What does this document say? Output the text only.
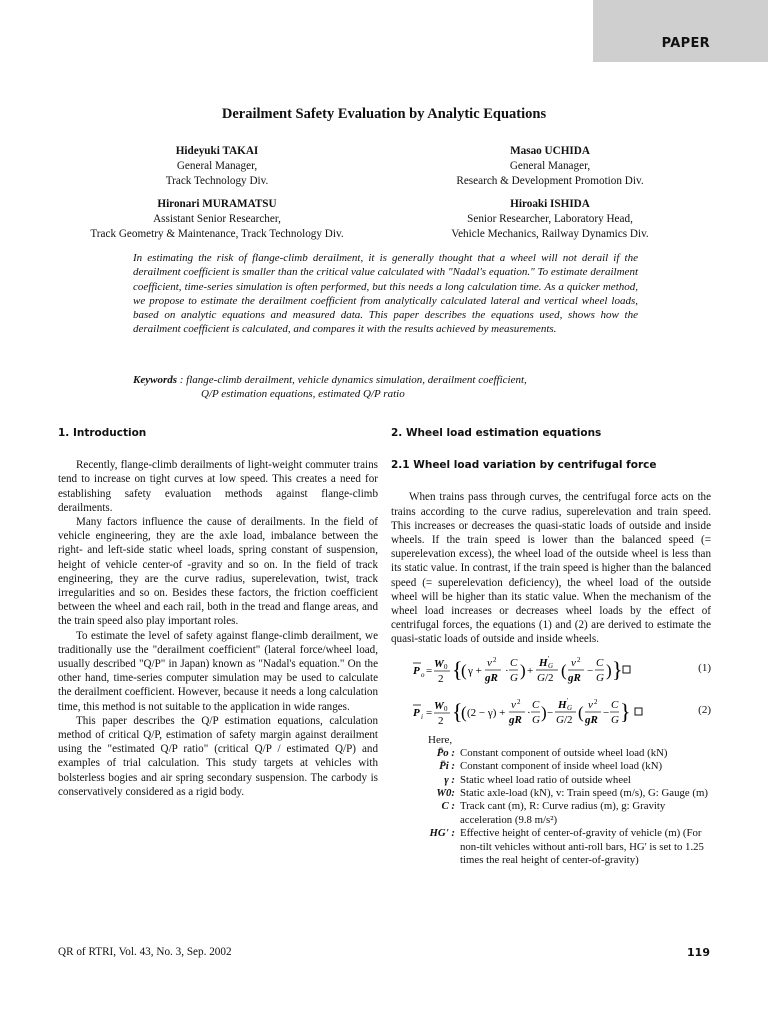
PAPER
Derailment Safety Evaluation by Analytic Equations
Hideyuki TAKAI
General Manager,
Track Technology Div.
Masao UCHIDA
General Manager,
Research & Development Promotion Div.
Hironari MURAMATSU
Assistant Senior Researcher,
Track Geometry & Maintenance, Track Technology Div.
Hiroaki ISHIDA
Senior Researcher, Laboratory Head,
Vehicle Mechanics, Railway Dynamics Div.
In estimating the risk of flange-climb derailment, it is generally thought that a wheel will not derail if the derailment coefficient is smaller than the critical value calculated with "Nadal's equation." To estimate derailment coefficient, time-series simulation is often performed, but this needs a long calculation time. As a quicker method, we propose to estimate the derailment coefficient from analytically calculated lateral and vertical wheel loads, based on analytic equations and measured data. This paper describes the equations used, shows how the derailment coefficient is calculated, and compares it with the results achieved by measurements.
Keywords : flange-climb derailment, vehicle dynamics simulation, derailment coefficient,
Q/P estimation equations, estimated Q/P ratio
1. Introduction

Recently, flange-climb derailments of light-weight commuter trains tend to increase on tight curves at low speed. This creates a need for establishing safety evaluation methods against flange-climb derailments.

Many factors influence the cause of derailments. In the field of vehicle engineering, they are the axle load, imbalance between the right- and left-side static wheel loads, spring constant of suspension, height of vehicle center-of -gravity and so on. In the field of track engineering, they are the curve radius, superelevation, twist, track irregularities and so on. Besides these factors, the friction coefficient between the wheel and each rail, both in the tread and flange areas, and the train speed also play important roles.

To estimate the level of safety against flange-climb derailment, we traditionally use the "derailment coefficient" (lateral force/wheel load, usually described "Q/P" in Japan) known as "Nadal's equation." On the other hand, time-series computer simulation may be used to calculate the derailment coefficient. However, because it needs a long calculation time, this method is not suitable to the application in wide ranges.

This paper describes the Q/P estimation equations, calculation method of critical Q/P, estimation of safety margin against derailment using the "estimated Q/P ratio" (critical Q/P / estimated Q/P) and examples of trial calculation. This study targets at vehicles with bolsterless bogies and air spring secondary suspension. The carbody is conservatively considered as a rigid body.

2. Wheel load estimation equations
2.1 Wheel load variation by centrifugal force

When trains pass through curves, the centrifugal force acts on the trains according to the curve radius, superelevation and train speed. This increases or decreases the quasi-static loads of outside and inside wheels. If the train speed is lower than the balanced speed (= superelevation excess), the wheel load of the outside wheel is less than its static value. In contrast, if the train speed is higher than the balanced speed (= superelevation deficiency), the wheel load of the outside wheel will be higher than its static value. When the mechanism of the wheel load increases or decreases wheel loads by the effect of centrifugal forces, the equations (1) and (2) are derived to estimate the quasi-static loads of outside and inside wheels.

P o =
W 0
2 {
( γ +
v 2
gR
·
C
G ) +
H G
'
G /2 ( v 2
gR
−
C
G ) }	(1)
P i =
W 0
2 {
( (2 − γ) +
v 2
gR
·
C
G ) −
H G
'
G /2 ( v 2
gR
−
C
G }	(2)
Here,
P̄o : Constant component of outside wheel load (kN)
P̄i : Constant component of inside wheel load (kN)
γ : Static wheel load ratio of outside wheel
W0: Static axle-load (kN), v: Train speed (m/s), G: Gauge (m)
C : Track cant (m), R: Curve radius (m), g: Gravity acceleration (9.8 m/s²)
HG' : Effective height of center-of-gravity of vehicle (m) (For non-tilt vehicles without anti-roll bars, HG' is set to 1.25 times the real height of center-of-gravity)
QR of RTRI, Vol. 43, No. 3, Sep. 2002	119
